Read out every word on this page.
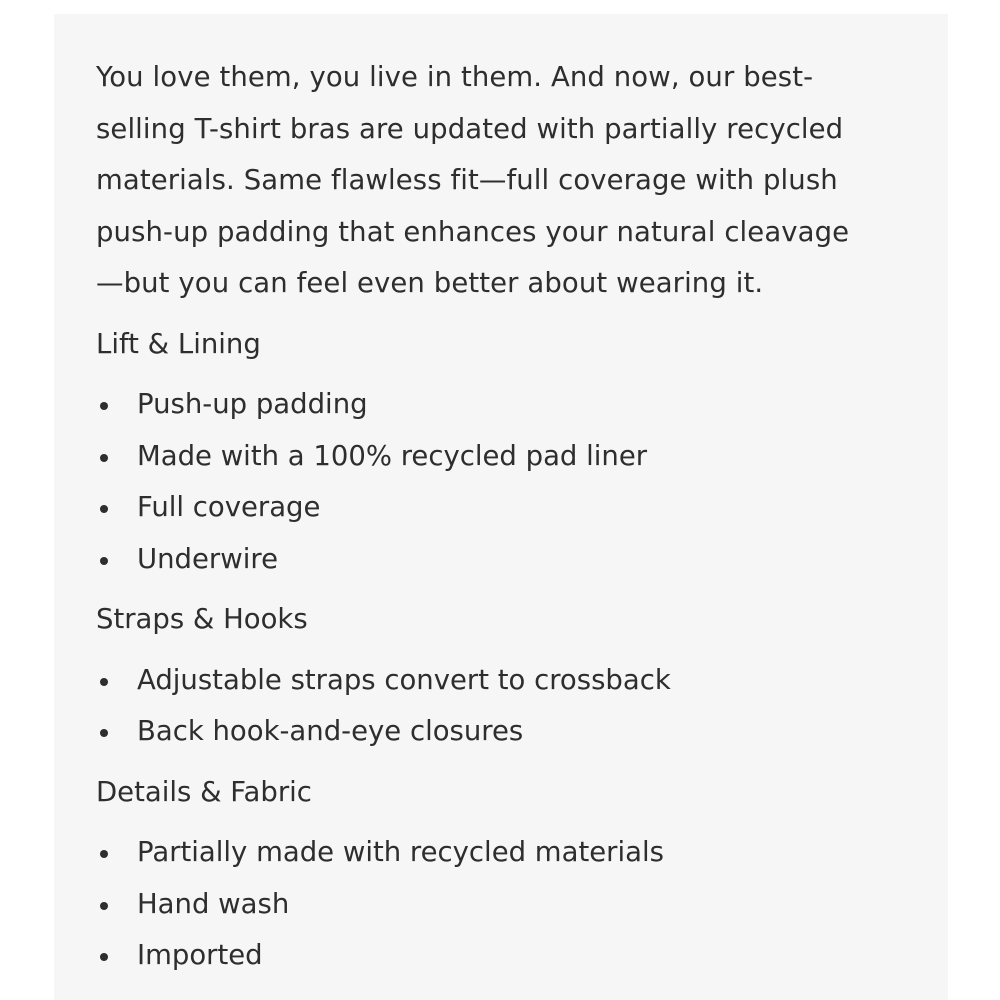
You love them, you live in them. And now, our best-
selling T-shirt bras are updated with partially recycled
materials. Same flawless fit—full coverage with plush
push-up padding that enhances your natural cleavage
—but you can feel even better about wearing it.

Lift & Lining
Push-up padding
Made with a 100% recycled pad liner
Full coverage
Underwire
Straps & Hooks
Adjustable straps convert to crossback
Back hook-and-eye closures
Details & Fabric
Partially made with recycled materials
Hand wash
Imported
